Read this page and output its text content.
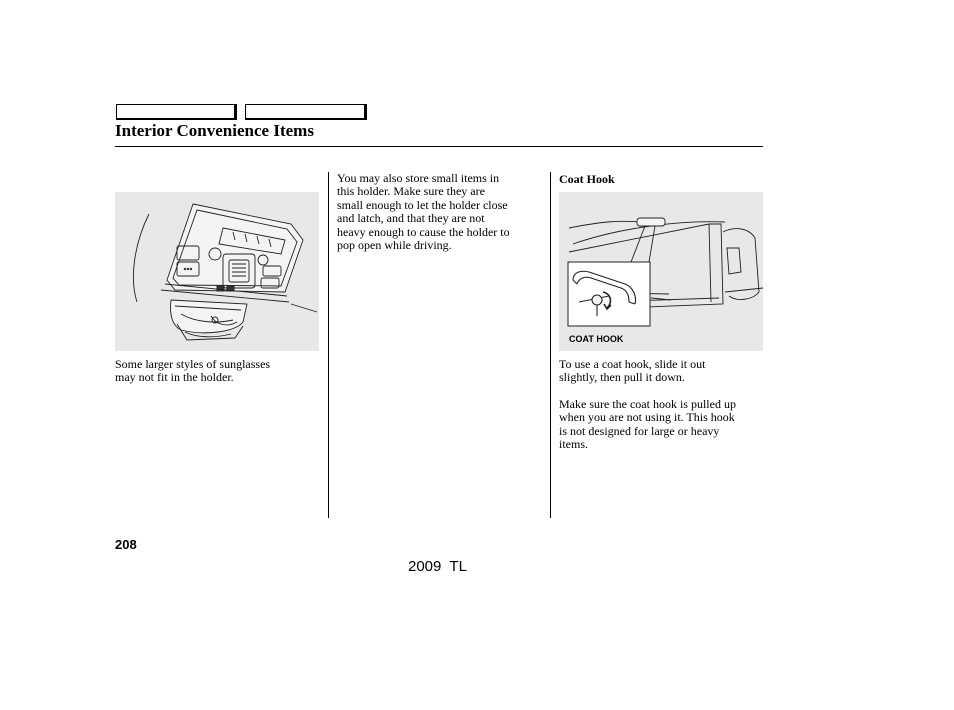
Interior Convenience Items
Some larger styles of sunglasses
may not fit in the holder.
You may also store small items in
this holder. Make sure they are
small enough to let the holder close
and latch, and that they are not
heavy enough to cause the holder to
pop open while driving.
Coat Hook
COAT HOOK
To use a coat hook, slide it out
slightly, then pull it down.
Make sure the coat hook is pulled up
when you are not using it. This hook
is not designed for large or heavy
items.
208
2009  TL
